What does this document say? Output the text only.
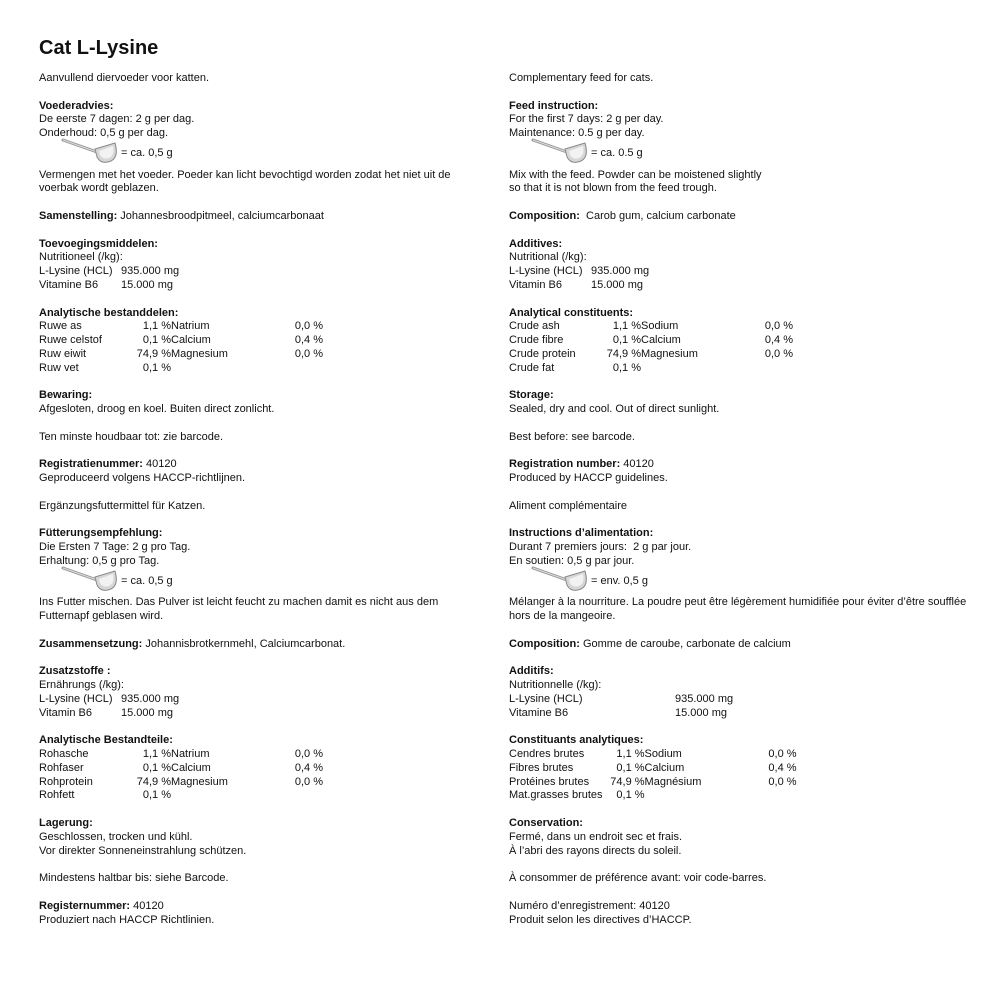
Cat L-Lysine
Aanvullend diervoeder voor katten.
Voederadvies:
De eerste 7 dagen: 2 g per dag.
Onderhoud: 0,5 g per dag.
= ca. 0,5 g
Vermengen met het voeder. Poeder kan licht bevochtigd worden zodat het niet uit de voerbak wordt geblazen.
Samenstelling: Johannesbroodpitmeel, calciumcarbonaat
Toevoegingsmiddelen:
Nutritioneel (/kg):
L-Lysine (HCL) 935.000 mg
Vitamine B6 15.000 mg
Analytische bestanddelen:
Ruwe as	1,1 %	Natrium	0,0 %
Ruwe celstof	0,1 %	Calcium	0,4 %
Ruw eiwit	74,9 %	Magnesium	0,0 %
Ruw vet	0,1 %		
Bewaring:
Afgesloten, droog en koel. Buiten direct zonlicht.
Ten minste houdbaar tot: zie barcode.
Registratienummer: 40120
Geproduceerd volgens HACCP-richtlijnen.
Ergänzungsfuttermittel für Katzen.
Fütterungsempfehlung:
Die Ersten 7 Tage: 2 g pro Tag.
Erhaltung: 0,5 g pro Tag.
= ca. 0,5 g
Ins Futter mischen. Das Pulver ist leicht feucht zu machen damit es nicht aus dem Futternapf geblasen wird.
Zusammensetzung: Johannisbrotkernmehl, Calciumcarbonat.
Zusatzstoffe :
Ernährungs (/kg):
L-Lysine (HCL) 935.000 mg
Vitamin B6	15.000 mg
Analytische Bestandteile:
Rohasche	1,1 %	Natrium	0,0 %
Rohfaser	0,1 %	Calcium	0,4 %
Rohprotein	74,9 %	Magnesium	0,0 %
Rohfett	0,1 %		
Lagerung:
Geschlossen, trocken und kühl.
Vor direkter Sonneneinstrahlung schützen.
Mindestens haltbar bis: siehe Barcode.
Registernummer: 40120
Produziert nach HACCP Richtlinien.
Complementary feed for cats.
Feed instruction:
For the first 7 days: 2 g per day.
Maintenance: 0.5 g per day.
= ca. 0.5 g
Mix with the feed. Powder can be moistened slightly
so that it is not blown from the feed trough.
Composition:  Carob gum, calcium carbonate
Additives:
Nutritional (/kg):
L-Lysine (HCL) 935.000 mg
Vitamin B6	15.000 mg
Analytical constituents:
Crude ash	1,1 %	Sodium	0,0 %
Crude fibre	0,1 %	Calcium	0,4 %
Crude protein	74,9 %	Magnesium	0,0 %
Crude fat	0,1 %		
Storage:
Sealed, dry and cool. Out of direct sunlight.
Best before: see barcode.
Registration number: 40120
Produced by HACCP guidelines.
Aliment complémentaire
Instructions d’alimentation:
Durant 7 premiers jours:  2 g par jour.
En soutien: 0,5 g par jour.
= env. 0,5 g
Mélanger à la nourriture. La poudre peut être légèrement humidifiée pour éviter d’être soufflée hors de la mangeoire.
Composition: Gomme de caroube, carbonate de calcium
Additifs:
Nutritionnelle (/kg):
L-Lysine (HCL)	935.000 mg
Vitamine B6	15.000 mg
Constituants analytiques:
Cendres brutes	1,1 %	Sodium	0,0 %
Fibres brutes	0,1 %	Calcium	0,4 %
Protéines brutes	74,9 %	Magnésium	0,0 %
Mat.grasses brutes	0,1 %		
Conservation:
Fermé, dans un endroit sec et frais.
À l’abri des rayons directs du soleil.
À consommer de préférence avant: voir code-barres.
Numéro d’enregistrement: 40120
Produit selon les directives d’HACCP.
